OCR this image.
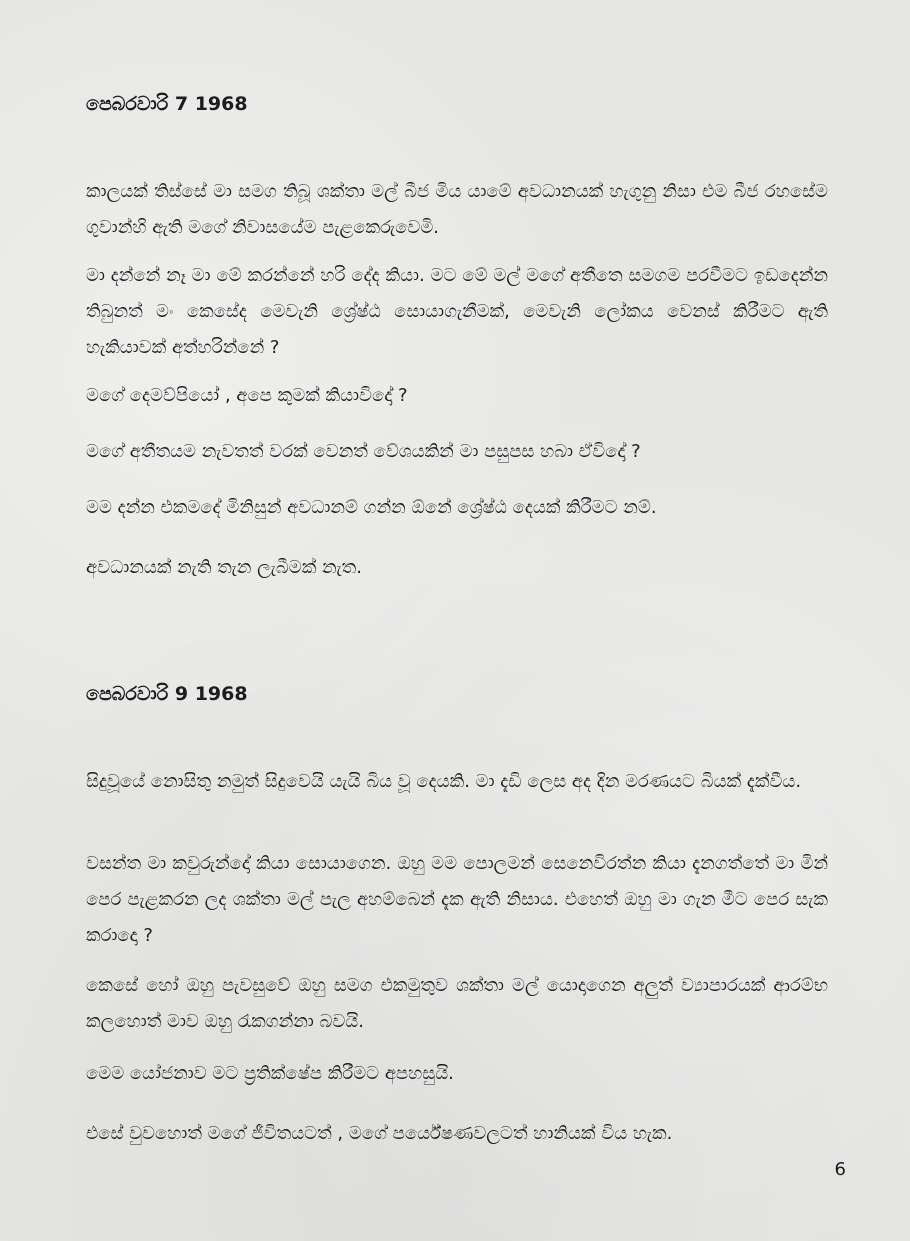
පෙබරවාරි 7 1968

කාලයක් තිස්සේ මා සමග තිබූ ශක්තා මල් බීජ මිය යාමේ අවධානයක් හැගුනු නිසා එම බීජ රහසේම ගුවාන්හි ඇති මගේ නිවාසයේම පැළකෙරුවෙමි.

මා දන්නේ නෑ මා මේ කරන්නේ හරි දේද කියා. මට මේ මල් මගේ අතීතෙ සමගම පරවීමට ඉඩදෙන්න තිබුනත් මං කෙසේද මෙවැනි ශ්‍රේෂ්ඨ සොයාගැනීමක්, මෙවැනි ලෝකය වෙනස් කිරීමට ඇති හැකියාවක් අත්හරින්නේ ?

මගේ දෙමව්පියෝ , අපෙ කුමක් කියාවිදෝ ?

මගේ අතීතයම නැවතත් වරක් වෙනත් වේශයකින් මා පසුපස හබා ඒවිදෝ ?

මම දන්න එකමදේ මිනිසුන් අවධානම් ගන්න ඕනේ ශ්‍රේෂ්ඨ දෙයක් කිරීමට නම්.

අවධානයක් නැති තැන ලැබීමක් නැත.

පෙබරවාරි 9 1968

සිදුවූයේ නොසිතු නමුත් සිදුවෙයි යැයි බිය වූ දෙයකි. මා දැඩි ලෙස අද දින මරණයට බියක් දැක්වීය.

වසන්ත මා කවුරුන්දෝ කියා සොයාගෙන. ඔහු මම පොලමන් සෙනෙවිරත්න කියා දැනගත්තේ මා මින් පෙර පැළකරන ලද ශක්තා මල් පැල අහම්බෙන් දැක ඇති නිසාය. එහෙත් ඔහු මා ගැන මීට පෙර සැක කරාදො ?

කෙසේ හෝ ඔහු පැවසුවේ ඔහු සමග එකමුතුව ශක්තා මල් යොදාගෙන අලුත් ව්‍යාපාරයක් ආරම්භ කලහොත් මාව ඔහු රැකගන්නා බවයි.

මෙම යෝජනාව මට ප්‍රතික්ෂේප කිරීමට අපහසුයි.

එසේ වුවහොත් මගේ ජීවිතයටත් , මගේ පර්යේෂණවලටත් හානියක් විය හැක.

6
